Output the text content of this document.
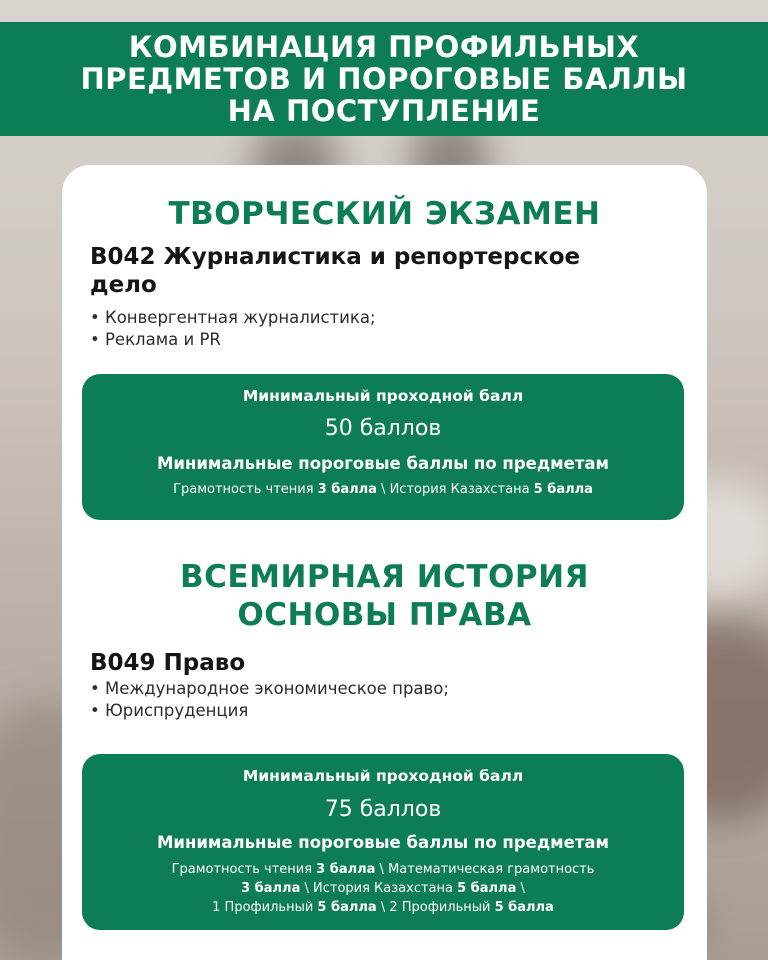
КОМБИНАЦИЯ ПРОФИЛЬНЫХ
ПРЕДМЕТОВ И ПОРОГОВЫЕ БАЛЛЫ
НА ПОСТУПЛЕНИЕ
ТВОРЧЕСКИЙ ЭКЗАМЕН
B042 Журналистика и репортерское
дело
• Конвергентная журналистика;
• Реклама и PR
Минимальный проходной балл
50 баллов
Минимальные пороговые баллы по предметам
Грамотность чтения 3 балла \ История Казахстана 5 балла
ВСЕМИРНАЯ ИСТОРИЯ
ОСНОВЫ ПРАВА
B049 Право
• Международное экономическое право;
• Юриспруденция
Минимальный проходной балл
75 баллов
Минимальные пороговые баллы по предметам
Грамотность чтения 3 балла \ Математическая грамотность
3 балла \ История Казахстана 5 балла \
1 Профильный 5 балла \ 2 Профильный 5 балла
